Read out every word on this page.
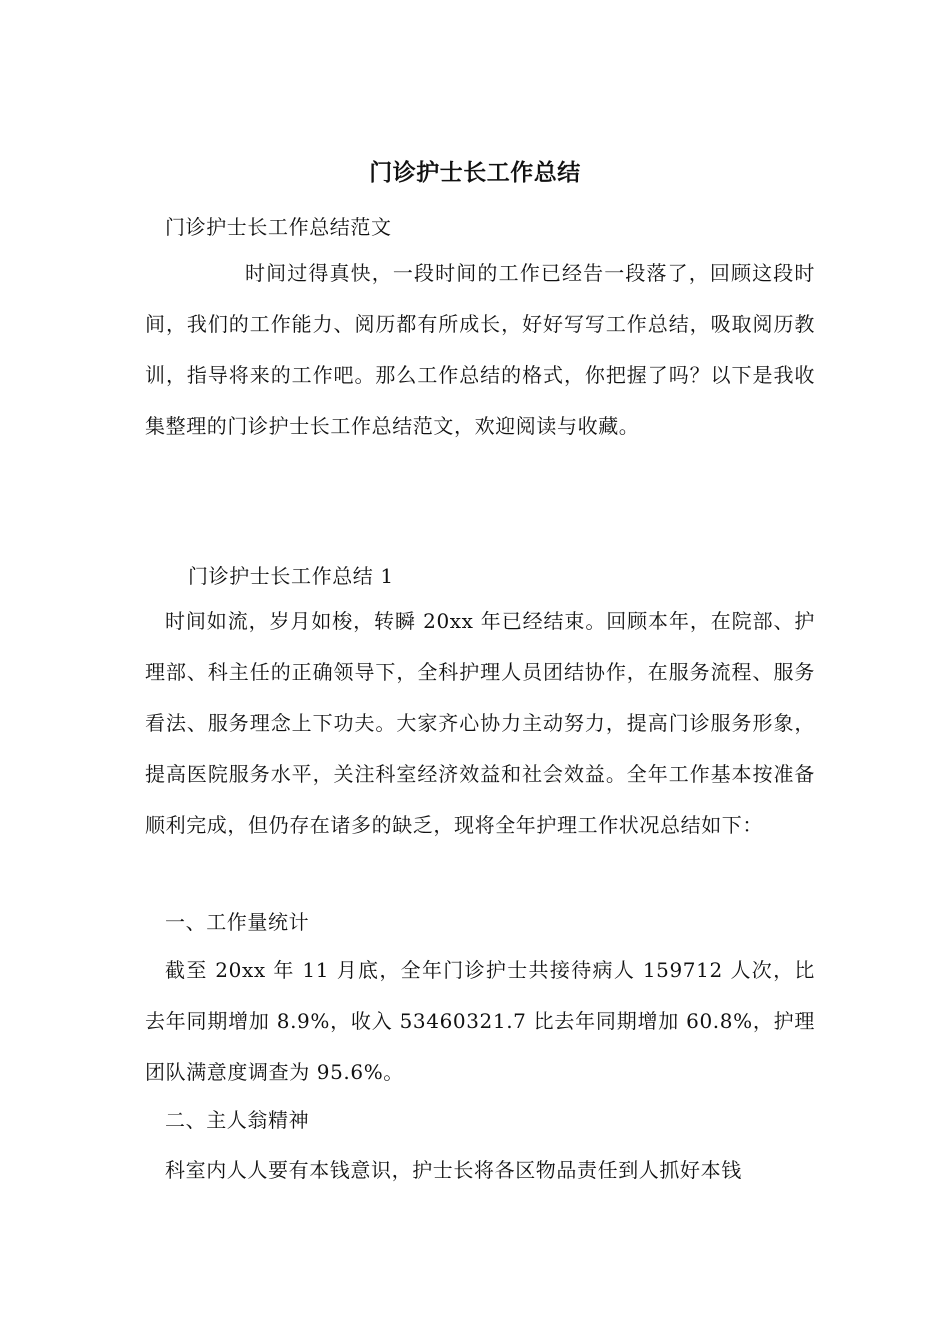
门诊护士长工作总结
门诊护士长工作总结范文

时间过得真快，一段时间的工作已经告一段落了，回顾这段时间，我们的工作能力、阅历都有所成长，好好写写工作总结，吸取阅历教训，指导将来的工作吧。那么工作总结的格式，你把握了吗？以下是我收集整理的门诊护士长工作总结范文，欢迎阅读与收藏。

门诊护士长工作总结 1

时间如流，岁月如梭，转瞬 20xx 年已经结束。回顾本年，在院部、护理部、科主任的正确领导下，全科护理人员团结协作，在服务流程、服务看法、服务理念上下功夫。大家齐心协力主动努力，提高门诊服务形象，提高医院服务水平，关注科室经济效益和社会效益。全年工作基本按准备顺利完成，但仍存在诸多的缺乏，现将全年护理工作状况总结如下：

一、工作量统计

截至 20xx 年 11 月底，全年门诊护士共接待病人 159712 人次，比去年同期增加 8.9%，收入 53460321.7 比去年同期增加 60.8%，护理团队满意度调查为 95.6%。

二、主人翁精神

科室内人人要有本钱意识，护士长将各区物品责任到人抓好本钱
